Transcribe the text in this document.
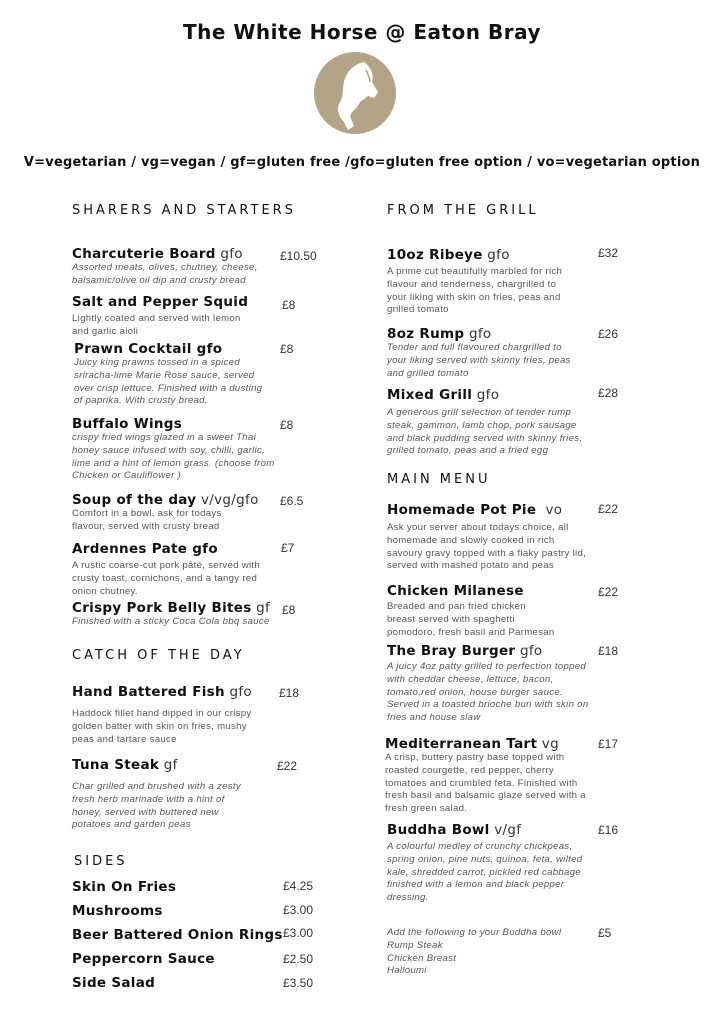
The White Horse @ Eaton Bray
V=vegetarian / vg=vegan / gf=gluten free /gfo=gluten free option / vo=vegetarian option
SHARERS AND STARTERS
Charcuterie Board gfo
Assorted meats, olives, chutney, cheese, balsamic/olive oil dip and crusty bread
£10.50
Salt and Pepper Squid
Lightly coated and served with lemon and garlic aioli
£8
Prawn Cocktail gfo
Juicy king prawns tossed in a spiced sriracha-lime Marie Rose sauce, served over crisp lettuce. Finished with a dusting of paprika. With crusty bread.
£8
Buffalo Wings
crispy fried wings glazed in a sweet Thai honey sauce infused with soy, chilli, garlic, lime and a hint of lemon grass. (choose from Chicken or Cauliflower )
£8
Soup of the day v/vg/gfo
Comfort in a bowl, ask for todays flavour, served with crusty bread
£6.5
Ardennes Pate gfo
A rustic coarse-cut pork pâté, served with crusty toast, cornichons, and a tangy red onion chutney.
£7
Crispy Pork Belly Bites gf
Finished with a sticky Coca Cola bbq sauce
£8
CATCH OF THE DAY
Hand Battered Fish gfo
Haddock fillet hand dipped in our crispy golden batter with skin on fries, mushy peas and tartare sauce
£18
Tuna Steak gf
Char grilled and brushed with a zesty fresh herb marinade with a hint of honey, served with buttered new potatoes and garden peas
£22
SIDES
Skin On Fries	£4.25
Mushrooms	£3.00
Beer Battered Onion Rings £3.00
Peppercorn Sauce	£2.50
Side Salad	£3.50
FROM THE GRILL
10oz Ribeye gfo
A prime cut beautifully marbled for rich flavour and tenderness, chargrilled to your liking with skin on fries, peas and grilled tomato
£32
8oz Rump gfo
Tender and full flavoured chargrilled to your liking served with skinny fries, peas and grilled tomato
£26
Mixed Grill gfo
A generous grill selection of tender rump steak, gammon, lamb chop, pork sausage and black pudding served with skinny fries, grilled tomato, peas and a fried egg
£28
MAIN MENU
Homemade Pot Pie  vo
Ask your server about todays choice, all homemade and slowly cooked in rich savoury gravy topped with a flaky pastry lid, served with mashed potato and peas
£22
Chicken Milanese
Breaded and pan fried chicken breast served with spaghetti pomodoro, fresh basil and Parmesan
£22
The Bray Burger gfo
A juicy 4oz patty grilled to perfection topped with cheddar cheese, lettuce, bacon, tomato,red onion, house burger sauce. Served in a toasted brioche bun with skin on fries and house slaw
£18
Mediterranean Tart vg
A crisp, buttery pastry base topped with roasted courgette, red pepper, cherry tomatoes and crumbled feta. Finished with fresh basil and balsamic glaze served with a fresh green salad.
£17
Buddha Bowl v/gf
A colourful medley of crunchy chickpeas, spring onion, pine nuts, quinoa, feta, wilted kale, shredded carrot, pickled red cabbage finished with a lemon and black pepper dressing.
£16
Add the following to your Buddha bowl
Rump Steak
Chicken Breast
Halloumi
£5
